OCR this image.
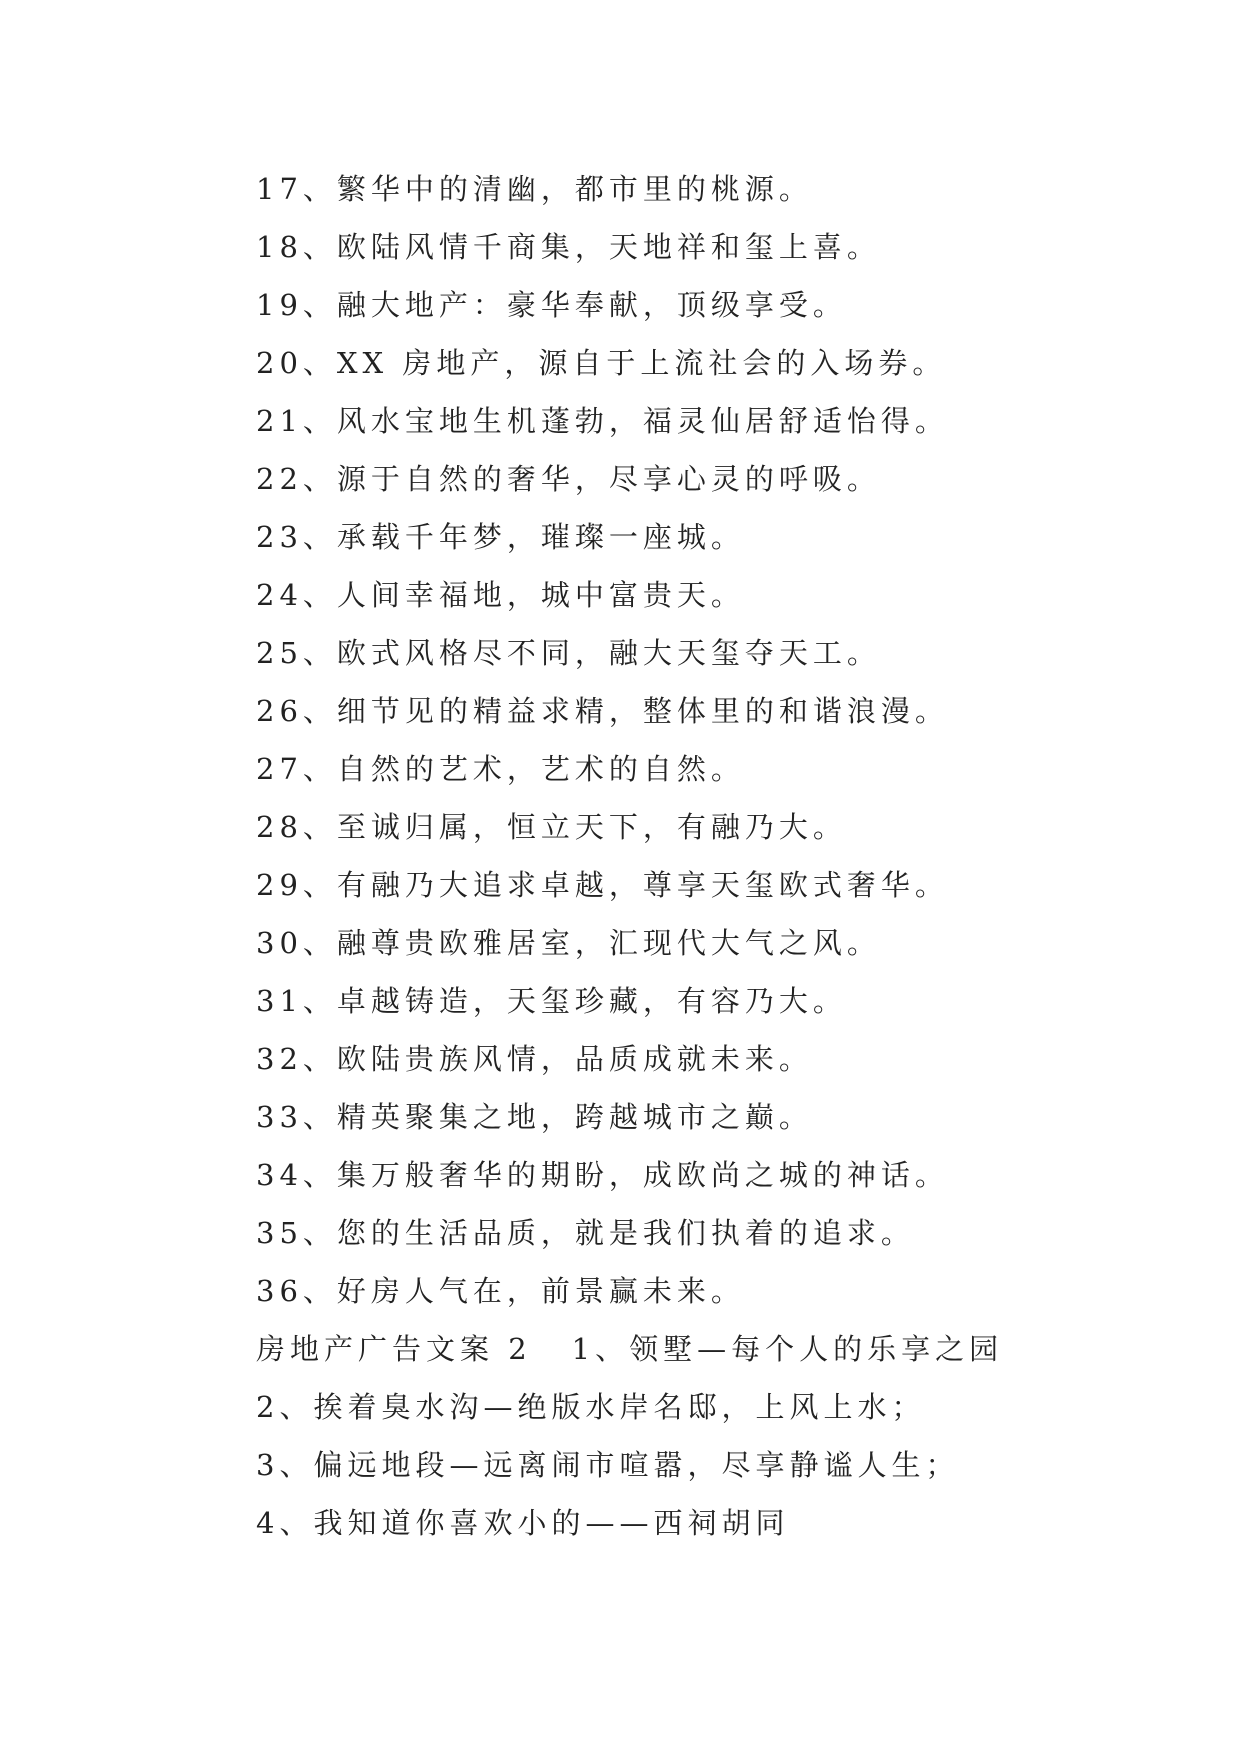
17、繁华中的清幽，都市里的桃源。
18、欧陆风情千商集，天地祥和玺上喜。
19、融大地产：豪华奉献，顶级享受。
20、XX 房地产，源自于上流社会的入场券。
21、风水宝地生机蓬勃，福灵仙居舒适怡得。
22、源于自然的奢华，尽享心灵的呼吸。
23、承载千年梦，璀璨一座城。
24、人间幸福地，城中富贵天。
25、欧式风格尽不同，融大天玺夺天工。
26、细节见的精益求精，整体里的和谐浪漫。
27、自然的艺术，艺术的自然。
28、至诚归属，恒立天下，有融乃大。
29、有融乃大追求卓越，尊享天玺欧式奢华。
30、融尊贵欧雅居室，汇现代大气之风。
31、卓越铸造，天玺珍藏，有容乃大。
32、欧陆贵族风情，品质成就未来。
33、精英聚集之地，跨越城市之巅。
34、集万般奢华的期盼，成欧尚之城的神话。
35、您的生活品质，就是我们执着的追求。
36、好房人气在，前景赢未来。
房地产广告文案 2 1、领墅—每个人的乐享之园
2、挨着臭水沟—绝版水岸名邸，上风上水；
3、偏远地段—远离闹市喧嚣，尽享静谧人生；
4、我知道你喜欢小的——西祠胡同
